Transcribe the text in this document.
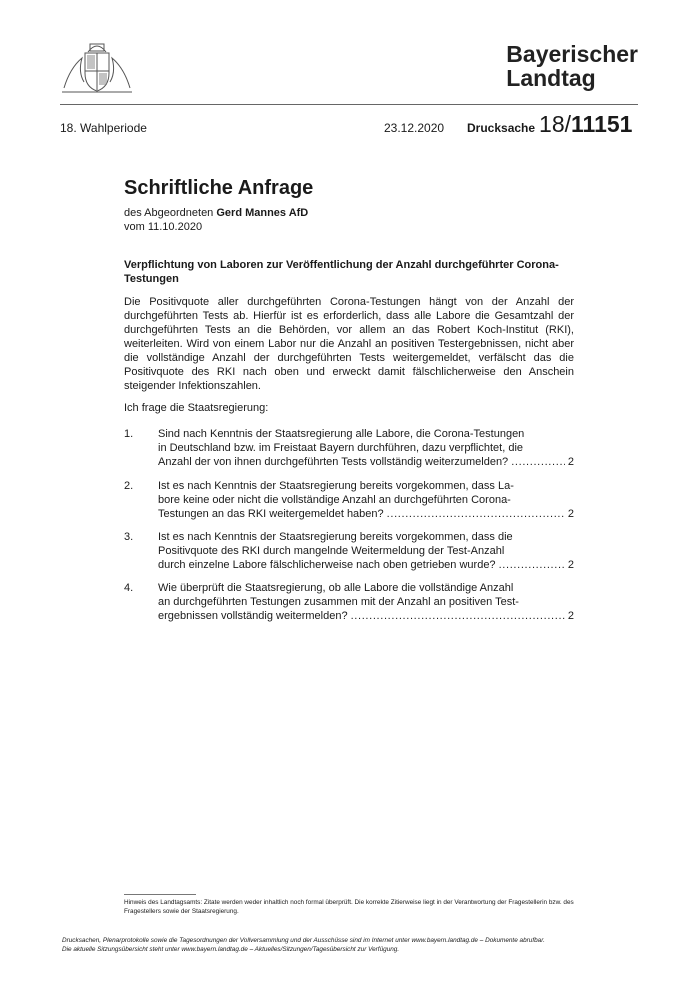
Bayerischer
Landtag
18. Wahlperiode	23.12.2020 Drucksache 18/11151
Schriftliche Anfrage
des Abgeordneten Gerd Mannes AfD
vom 11.10.2020
Verpflichtung von Laboren zur Veröffentlichung der Anzahl durchgeführter Corona-Testungen
Die Positivquote aller durchgeführten Corona-Testungen hängt von der Anzahl der durchgeführten Tests ab. Hierfür ist es erforderlich, dass alle Labore die Gesamtzahl der durchgeführten Tests an die Behörden, vor allem an das Robert Koch-Institut (RKI), weiterleiten. Wird von einem Labor nur die Anzahl an positiven Testergebnissen, nicht aber die vollständige Anzahl der durchgeführten Tests weitergemeldet, verfälscht das die Positivquote des RKI nach oben und erweckt damit fälschlicherweise den Anschein steigender Infektionszahlen.
Ich frage die Staatsregierung:
1. Sind nach Kenntnis der Staatsregierung alle Labore, die Corona-Testungen
in Deutschland bzw. im Freistaat Bayern durchführen, dazu verpflichtet, die
Anzahl der von ihnen durchgeführten Tests vollständig weiterzumelden? . . .	2
2. Ist es nach Kenntnis der Staatsregierung bereits vorgekommen, dass La-
bore keine oder nicht die vollständige Anzahl an durchgeführten Corona-
Testungen an das RKI weitergemeldet haben? . . .	2
3. Ist es nach Kenntnis der Staatsregierung bereits vorgekommen, dass die
Positivquote des RKI durch mangelnde Weitermeldung der Test-Anzahl
durch einzelne Labore fälschlicherweise nach oben getrieben wurde? . . .	2
4. Wie überprüft die Staatsregierung, ob alle Labore die vollständige Anzahl
an durchgeführten Testungen zusammen mit der Anzahl an positiven Test-
ergebnissen vollständig weitermelden? . . .	2
Hinweis des Landtagsamts: Zitate werden weder inhaltlich noch formal überprüft. Die korrekte Zitierweise liegt in der Verantwortung der Fragestellerin bzw. des Fragestellers sowie der Staatsregierung.
Drucksachen, Plenarprotokolle sowie die Tagesordnungen der Vollversammlung und der Ausschüsse sind im Internet unter www.bayern.landtag.de – Dokumente abrufbar.
Die aktuelle Sitzungsübersicht steht unter www.bayern.landtag.de – Aktuelles/Sitzungen/Tagesübersicht zur Verfügung.
